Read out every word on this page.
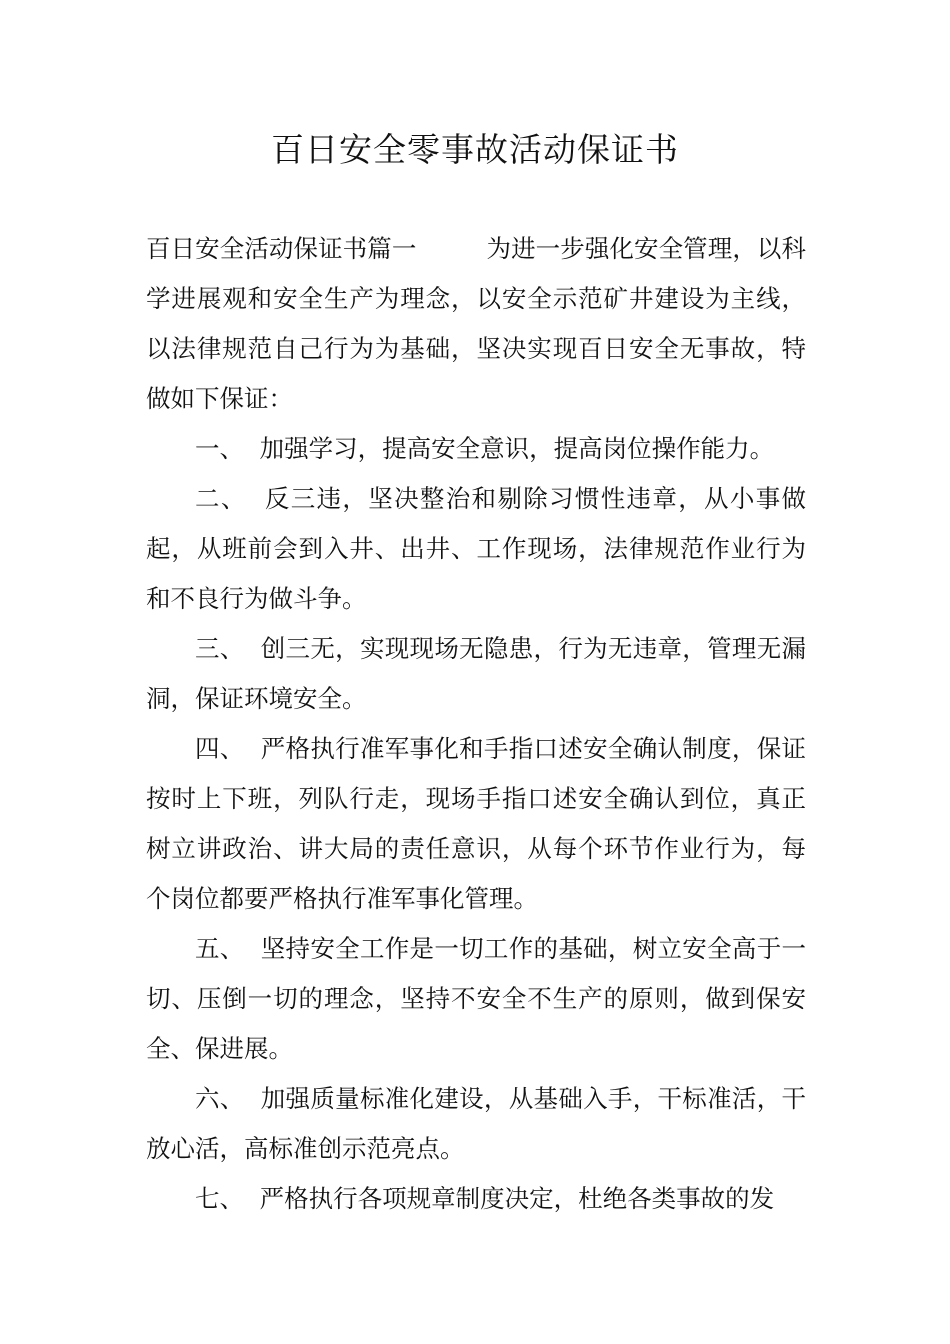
百日安全零事故活动保证书

百日安全活动保证书篇一	为进一步强化安全管理，以科学进展观和安全生产为理念，以安全示范矿井建设为主线，以法律规范自己行为为基础，坚决实现百日安全无事故，特做如下保证：

一、 加强学习，提高安全意识，提高岗位操作能力。

二、 反三违，坚决整治和剔除习惯性违章，从小事做起，从班前会到入井、出井、工作现场，法律规范作业行为和不良行为做斗争。

三、 创三无，实现现场无隐患，行为无违章，管理无漏洞，保证环境安全。

四、 严格执行准军事化和手指口述安全确认制度，保证按时上下班，列队行走，现场手指口述安全确认到位，真正树立讲政治、讲大局的责任意识，从每个环节作业行为，每个岗位都要严格执行准军事化管理。

五、 坚持安全工作是一切工作的基础，树立安全高于一切、压倒一切的理念，坚持不安全不生产的原则，做到保安全、保进展。

六、 加强质量标准化建设，从基础入手，干标准活，干放心活，高标准创示范亮点。

七、 严格执行各项规章制度决定，杜绝各类事故的发
